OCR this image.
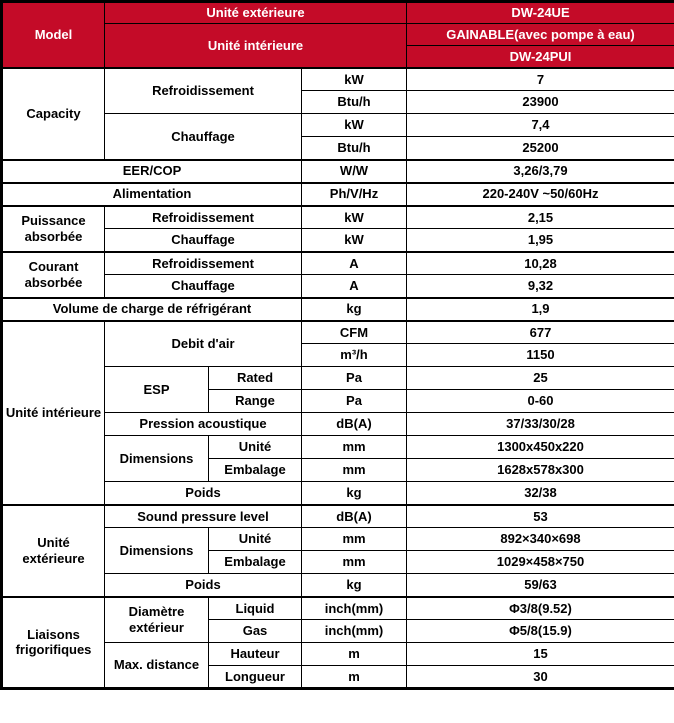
Model	Unité extérieure			DW-24UE
	Unité intérieure			GAINABLE(avec pompe à eau)
				DW-24PUI
Capacity	Refroidissement		kW	7
			Btu/h	23900
	Chauffage		kW	7,4
			Btu/h	25200
EER/COP			W/W	3,26/3,79
Alimentation			Ph/V/Hz	220-240V ~50/60Hz
Puissance absorbée	Refroidissement		kW	2,15
	Chauffage		kW	1,95
Courant absorbée	Refroidissement		A	10,28
	Chauffage		A	9,32
Volume de charge de réfrigérant			kg	1,9
Unité intérieure	Debit d'air		CFM	677
			m³/h	1150
	ESP	Rated	Pa	25
		Range	Pa	0-60
	Pression acoustique		dB(A)	37/33/30/28
	Dimensions	Unité	mm	1300x450x220
		Embalage	mm	1628x578x300
	Poids		kg	32/38
Unité extérieure	Sound pressure level		dB(A)	53
	Dimensions	Unité	mm	892×340×698
		Embalage	mm	1029×458×750
	Poids		kg	59/63
Liaisons frigorifiques	Diamètre extérieur	Liquid	inch(mm)	Φ3/8(9.52)
		Gas	inch(mm)	Φ5/8(15.9)
	Max. distance	Hauteur	m	15
		Longueur	m	30
